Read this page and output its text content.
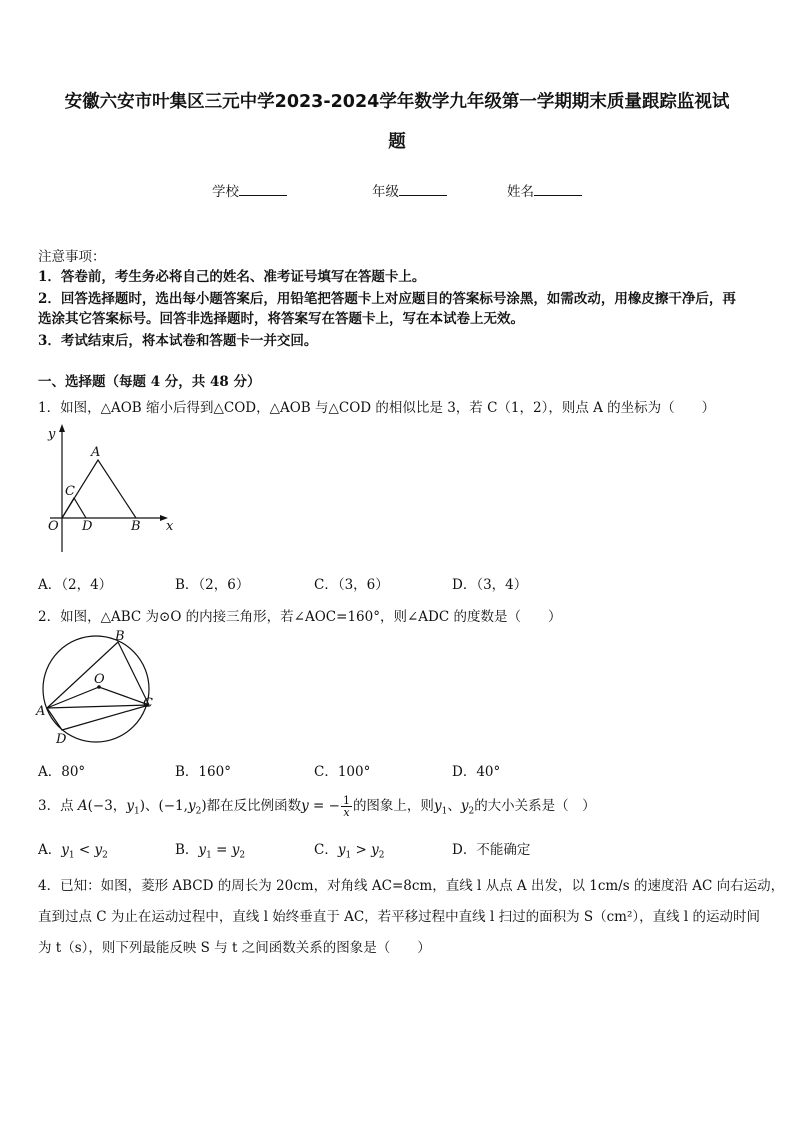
安徽六安市叶集区三元中学2023-2024学年数学九年级第一学期期末质量跟踪监视试
题
学校	年级	姓名
注意事项：
1．答卷前，考生务必将自己的姓名、准考证号填写在答题卡上。
2．回答选择题时，选出每小题答案后，用铅笔把答题卡上对应题目的答案标号涂黑，如需改动，用橡皮擦干净后，再
选涂其它答案标号。回答非选择题时，将答案写在答题卡上，写在本试卷上无效。
3．考试结束后，将本试卷和答题卡一并交回。
一、选择题（每题 4 分，共 48 分）
1．如图，△AOB 缩小后得到△COD，△AOB 与△COD 的相似比是 3，若 C（1，2），则点 A 的坐标为（　　）
y
x
A
C
O D	B
A．（2，4）	B．（2，6）	C．（3，6）	D．（3，4）
2．如图，△ABC 为⊙O 的内接三角形，若∠AOC=160°，则∠ADC 的度数是（　　）
B
O
A
C
D
A．80°	B．160°	C．100°	D．40°
3．点 A(−3，$y_1$)、$(-1,y_2)$都在反比例函数y = − $\frac{1}{x}$ 的图象上，则$y_1$、$y_2$的大小关系是（　）
A．$y_1 < y_2$	B．$y_1 = y_2$	C．$y_1 > y_2$	D．不能确定
4．已知：如图，菱形 ABCD 的周长为 20cm，对角线 AC=8cm，直线 l 从点 A 出发，以 1cm/s 的速度沿 AC 向右运动，
直到过点 C 为止在运动过程中，直线 l 始终垂直于 AC，若平移过程中直线 l 扫过的面积为 S（cm²），直线 l 的运动时间
为 t（s），则下列最能反映 S 与 t 之间函数关系的图象是（　　）
